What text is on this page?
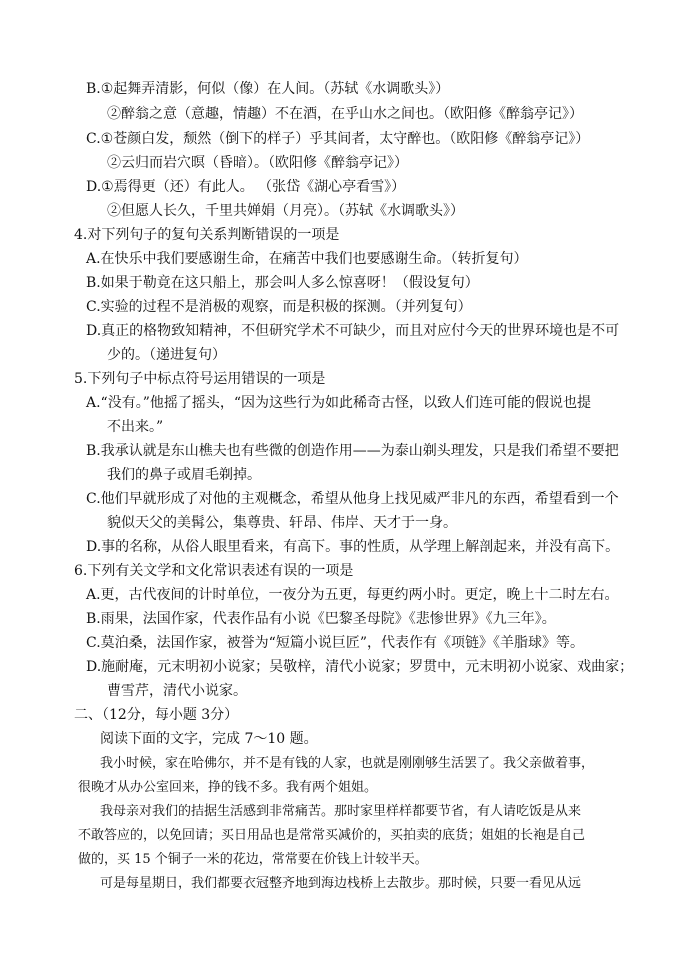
B.①起舞弄清影，何似（像）在人间。（苏轼《水调歌头》）
②醉翁之意（意趣，情趣）不在酒，在乎山水之间也。（欧阳修《醉翁亭记》）
C.①苍颜白发，颓然（倒下的样子）乎其间者，太守醉也。（欧阳修《醉翁亭记》）
②云归而岩穴暝（昏暗）。（欧阳修《醉翁亭记》）
D.①焉得更（还）有此人。 （张岱《湖心亭看雪》）
②但愿人长久，千里共婵娟（月亮）。（苏轼《水调歌头》）
4.对下列句子的复句关系判断错误的一项是
A.在快乐中我们要感谢生命，在痛苦中我们也要感谢生命。（转折复句）
B.如果于勒竟在这只船上，那会叫人多么惊喜呀！（假设复句）
C.实验的过程不是消极的观察，而是积极的探测。（并列复句）
D.真正的格物致知精神，不但研究学术不可缺少，而且对应付今天的世界环境也是不可
少的。（递进复句）
5.下列句子中标点符号运用错误的一项是
A.“没有。”他摇了摇头，“因为这些行为如此稀奇古怪，以致人们连可能的假说也提
不出来。”
B.我承认就是东山樵夫也有些微的创造作用——为泰山剃头理发，只是我们希望不要把
我们的鼻子或眉毛剃掉。
C.他们早就形成了对他的主观概念，希望从他身上找见威严非凡的东西，希望看到一个
貌似天父的美髯公，集尊贵、轩昂、伟岸、天才于一身。
D.事的名称，从俗人眼里看来，有高下。事的性质，从学理上解剖起来，并没有高下。
6.下列有关文学和文化常识表述有误的一项是
A.更，古代夜间的计时单位，一夜分为五更，每更约两小时。更定，晚上十二时左右。
B.雨果，法国作家，代表作品有小说《巴黎圣母院》《悲惨世界》《九三年》。
C.莫泊桑，法国作家，被誉为“短篇小说巨匠”，代表作有《项链》《羊脂球》等。
D.施耐庵，元末明初小说家；吴敬梓，清代小说家；罗贯中，元末明初小说家、戏曲家；
曹雪芹，清代小说家。
二、（12分，每小题 3分）
阅读下面的文字，完成 7～10 题。
我小时候，家在哈佛尔，并不是有钱的人家，也就是刚刚够生活罢了。我父亲做着事，
很晚才从办公室回来，挣的钱不多。我有两个姐姐。
我母亲对我们的拮据生活感到非常痛苦。那时家里样样都要节省，有人请吃饭是从来
不敢答应的，以免回请；买日用品也是常常买减价的，买拍卖的底货；姐姐的长袍是自己
做的，买 15 个铜子一米的花边，常常要在价钱上计较半天。
可是每星期日，我们都要衣冠整齐地到海边栈桥上去散步。那时候，只要一看见从远
